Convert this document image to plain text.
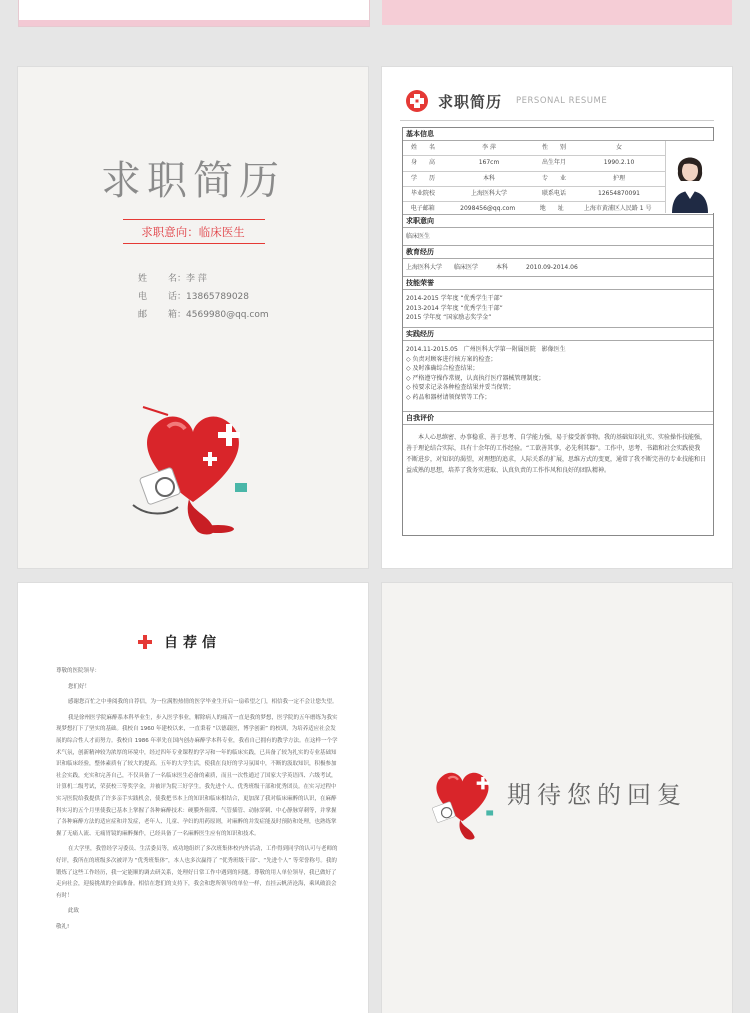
求职简历
求职意向：临床医生
姓	名： 李 萍
电	话： 13865789028
邮	箱： 4569980@qq.com
求职简历 PERSONAL RESUME
基本信息
姓　　名	李 萍	性　　别	女
身　　高	167cm	出生年月	1990.2.10
学　　历	本科	专　　业	护理
毕业院校	上海医科大学	联系电话	12654870091
电子邮箱	2098456@qq.com	地　　址	上海市黄浦区人民路 1 号
求职意向
临床医生
教育经历
上海医科大学　　临床医学　　　本科　　　2010.09-2014.06
技能荣誉
2014-2015 学年度 “优秀学生干部”
2013-2014 学年度 “优秀学生干部”
2015 学年度 “国家励志奖学金”
实践经历
2014.11-2015.05　广州医科大学第一附属医院　影像医生
◇ 负责对顾客进行核方案的检查；
◇ 及时准确综合检查结果；
◇ 严格遵守操作常规，认真执行医疗器械管理制度；
◇ 按要求记录各种检查结果并妥当保管；
◇ 药品和器材请领保管等工作；
自我评价
本人心思缜密、办事稳重、善于思考、自学能力强，易于接受新事物。我的基础知识扎实、实验操作技能强，善于理论结合实际，具有十余年的工作经验。“工欲善其事，必先利其器”。工作中，思考、书籍和社会实践使我不断进步，对知识的渴望，对理想的追求，人际关系的扩展，思维方式的变更，通常了我不断完善的专业技能和日益成熟的思想，培养了我务实进取、认真负责的工作作风和良好的团队精神。
自荐信

尊敬的医院领导：

您们好！

感谢您百忙之中垂阅我的自荐信，为一位满腔热情的医学毕业生开启一扇希望之门，相信我一定不会让您失望。

我是徐州医学院麻醉系本科毕业生，步入医学事业，解除病人的痛苦一直是我的梦想，医学院的五年磨练为我实现梦想打下了坚实的基础。我校自 1960 年建校以来，一直秉着 “以德载医，博学创新” 的校训，为培养适应社会发展的综合性人才而努力。我校自 1986 年率先在国内创办麻醉学本科专业，我看自己拥有的教学方法。在这样一个学术气氛，创新精神较为浓厚的环境中，经过四年专业课程的学习和一年的临床实践，已具备了较为扎实的专业基础知识和临床经验，整体素质有了较大的提高。五年的大学生活，使我在良好的学习氛围中，不断的汲取知识，积极参加社会实践，充实和完善自己，不仅具备了一名临床医生必备的素质，而且一次性通过了国家大学英语四、六级考试，计算机二级考试，荣获校三等奖学金，并被评为院三好学生。我先进个人、优秀班级干部和优秀团员。在实习过程中实习医院给我提供了许多亲手实践机会，使我把书本上的知识和临床相结合，更加深了我对临床麻醉的认识，在麻醉科实习的五个月里使我已基本上掌握了各种麻醉技术：硬膜外阻滞、气管插管、动脉穿刺、中心静脉穿刺等，并掌握了各种麻醉方法的适应症和并发症，老年人、儿童、孕妇的用药原则，对麻醉的并发症能及时预防和处理，也熟练掌握了无痛人流、无痛胃镜的麻醉操作，已经具备了一名麻醉医生应有的知识和技术。

在大学里，我曾经学习委员、生活委员等，成功地组织了多次班集体校内外活动，工作得到同学的认可与老师的好评，我所在的班级多次被评为 “优秀班集体”，本人也多次赢得了 “优秀班级干部”、“先进个人” 等荣誉称号。我的锻炼了这些工作经历，我一定能顺的调去研关系，处理好日常工作中遇到的问题。尊敬的用人单位领导，我已做好了走向社会，迎接挑战的全面准备。相信在您们的支持下，我会和您所领导的单位一样，直挂云帆济沧海，乘风破浪会有时！

此致

敬礼!

期待您的回复
